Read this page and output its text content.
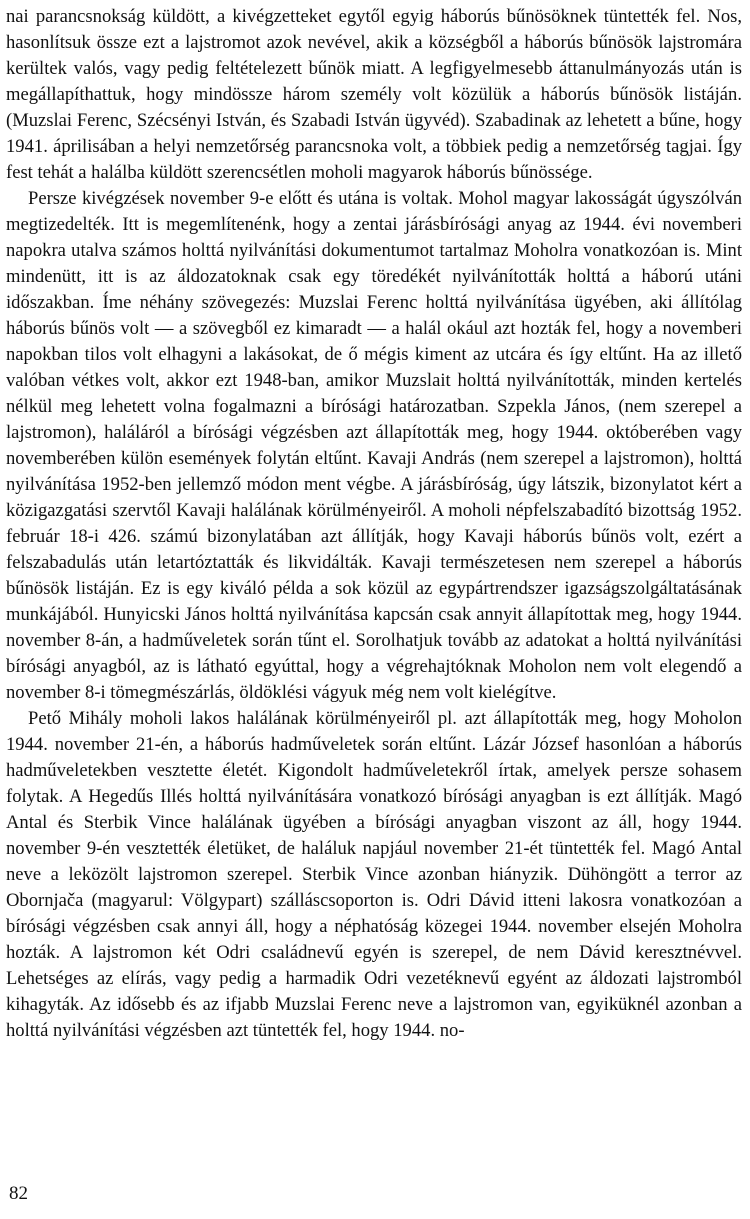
nai parancsnokság küldött, a kivégzetteket egytől egyig háborús bűnösöknek tüntették fel. Nos, hasonlítsuk össze ezt a lajstromot azok nevével, akik a községből a háborús bűnösök lajstromára kerültek valós, vagy pedig feltételezett bűnök miatt. A legfigyelmesebb áttanulmányozás után is megállapíthattuk, hogy mindössze három személy volt közülük a háborús bűnösök listáján. (Muzslai Ferenc, Szécsényi István, és Szabadi István ügyvéd). Szabadinak az lehetett a bűne, hogy 1941. áprilisában a helyi nemzetőrség parancsnoka volt, a többiek pedig a nemzetőrség tagjai. Így fest tehát a halálba küldött szerencsétlen moholi magyarok háborús bűnössége.

Persze kivégzések november 9-e előtt és utána is voltak. Mohol magyar lakosságát úgyszólván megtizedelték. Itt is megemlítenénk, hogy a zentai járásbírósági anyag az 1944. évi novemberi napokra utalva számos holttá nyilvánítási dokumentumot tartalmaz Moholra vonatkozóan is. Mint mindenütt, itt is az áldozatoknak csak egy töredékét nyilvánították holttá a háború utáni időszakban. Íme néhány szövegezés: Muzslai Ferenc holttá nyilvánítása ügyében, aki állítólag háborús bűnös volt — a szövegből ez kimaradt — a halál okául azt hozták fel, hogy a novemberi napokban tilos volt elhagyni a lakásokat, de ő mégis kiment az utcára és így eltűnt. Ha az illető valóban vétkes volt, akkor ezt 1948-ban, amikor Muzslait holttá nyilvánították, minden kertelés nélkül meg lehetett volna fogalmazni a bírósági határozatban. Szpekla János, (nem szerepel a lajstromon), haláláról a bírósági végzésben azt állapították meg, hogy 1944. októberében vagy novemberében külön események folytán eltűnt. Kavaji András (nem szerepel a lajstromon), holttá nyilvánítása 1952-ben jellemző módon ment végbe. A járásbíróság, úgy látszik, bizonylatot kért a közigazgatási szervtől Kavaji halálának körülményeiről. A moholi népfelszabadító bizottság 1952. február 18-i 426. számú bizonylatában azt állítják, hogy Kavaji háborús bűnös volt, ezért a felszabadulás után letartóztatták és likvidálták. Kavaji természetesen nem szerepel a háborús bűnösök listáján. Ez is egy kiváló példa a sok közül az egypártrendszer igazságszolgáltatásának munkájából. Hunyicski János holttá nyilvánítása kapcsán csak annyit állapítottak meg, hogy 1944. november 8-án, a hadműveletek során tűnt el. Sorolhatjuk tovább az adatokat a holttá nyilvánítási bírósági anyagból, az is látható egyúttal, hogy a végrehajtóknak Moholon nem volt elegendő a november 8-i tömegmészárlás, öldöklési vágyuk még nem volt kielégítve.

Pető Mihály moholi lakos halálának körülményeiről pl. azt állapították meg, hogy Moholon 1944. november 21-én, a háborús hadműveletek során eltűnt. Lázár József hasonlóan a háborús hadműveletekben vesztette életét. Kigondolt hadműveletekről írtak, amelyek persze sohasem folytak. A Hegedűs Illés holttá nyilvánítására vonatkozó bírósági anyagban is ezt állítják. Magó Antal és Sterbik Vince halálának ügyében a bírósági anyagban viszont az áll, hogy 1944. november 9-én vesztették életüket, de haláluk napjául november 21-ét tüntették fel. Magó Antal neve a leközölt lajstromon szerepel. Sterbik Vince azonban hiányzik. Dühöngött a terror az Obornjača (magyarul: Völgypart) szálláscsoporton is. Odri Dávid itteni lakosra vonatkozóan a bírósági végzésben csak annyi áll, hogy a néphatóság közegei 1944. november elsején Moholra hozták. A lajstromon két Odri családnevű egyén is szerepel, de nem Dávid keresztnévvel. Lehetséges az elírás, vagy pedig a harmadik Odri vezetéknevű egyént az áldozati lajstromból kihagyták. Az idősebb és az ifjabb Muzslai Ferenc neve a lajstromon van, egyiküknél azonban a holttá nyilvánítási végzésben azt tüntették fel, hogy 1944. no-

82
